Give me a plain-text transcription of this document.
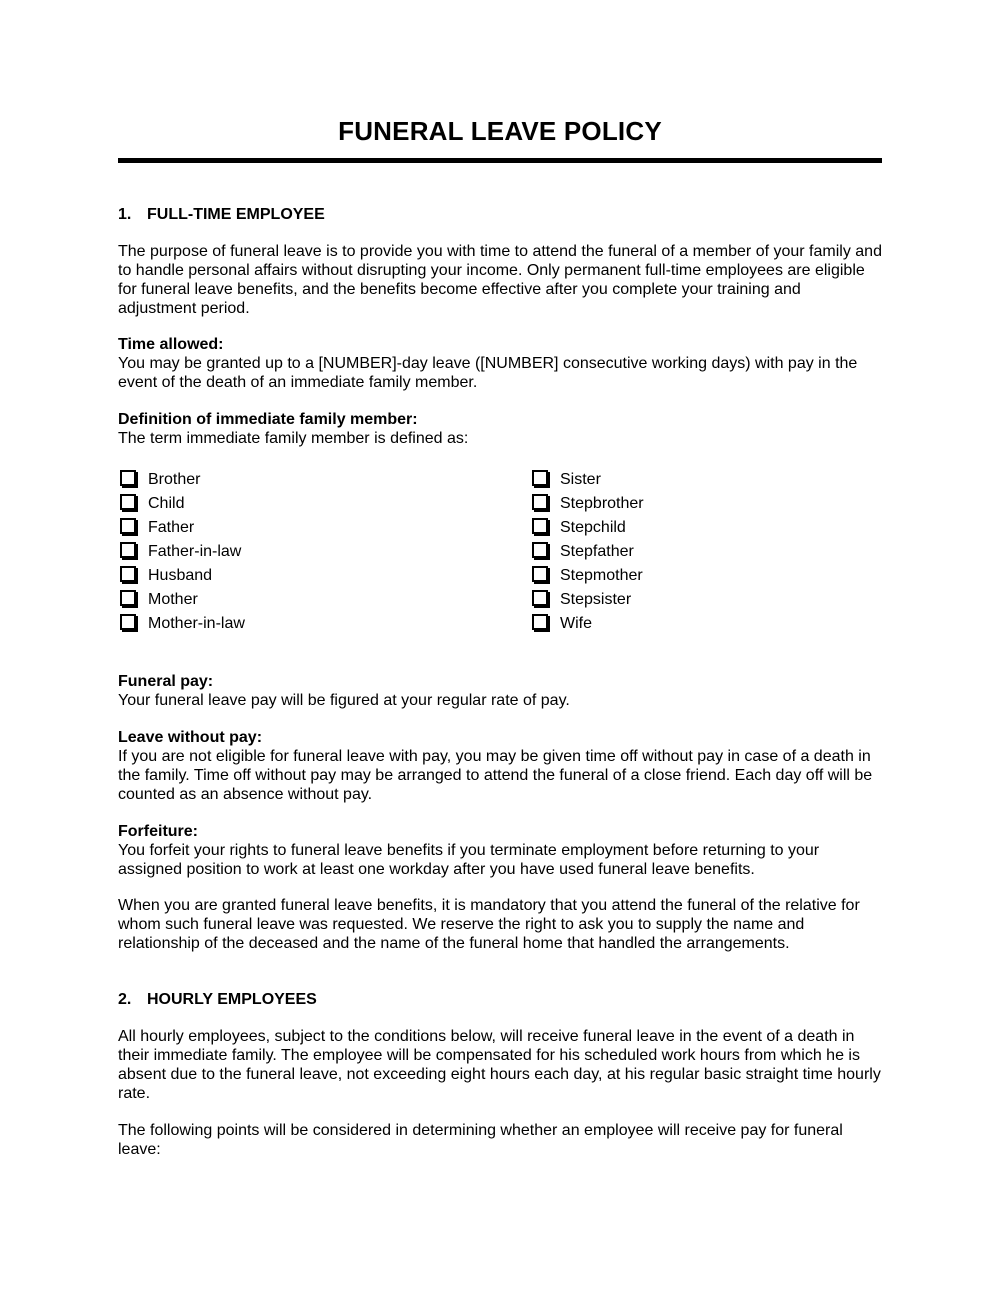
FUNERAL LEAVE POLICY
1. FULL-TIME EMPLOYEE
The purpose of funeral leave is to provide you with time to attend the funeral of a member of your family and to handle personal affairs without disrupting your income. Only permanent full-time employees are eligible for funeral leave benefits, and the benefits become effective after you complete your training and adjustment period.
Time allowed:
You may be granted up to a [NUMBER]-day leave ([NUMBER] consecutive working days) with pay in the event of the death of an immediate family member.
Definition of immediate family member:
The term immediate family member is defined as:
Brother
Child
Father
Father-in-law
Husband
Mother
Mother-in-law
Sister
Stepbrother
Stepchild
Stepfather
Stepmother
Stepsister
Wife
Funeral pay:
Your funeral leave pay will be figured at your regular rate of pay.
Leave without pay:
If you are not eligible for funeral leave with pay, you may be given time off without pay in case of a death in the family. Time off without pay may be arranged to attend the funeral of a close friend. Each day off will be counted as an absence without pay.
Forfeiture:
You forfeit your rights to funeral leave benefits if you terminate employment before returning to your assigned position to work at least one workday after you have used funeral leave benefits.
When you are granted funeral leave benefits, it is mandatory that you attend the funeral of the relative for whom such funeral leave was requested. We reserve the right to ask you to supply the name and relationship of the deceased and the name of the funeral home that handled the arrangements.
2. HOURLY EMPLOYEES
All hourly employees, subject to the conditions below, will receive funeral leave in the event of a death in their immediate family. The employee will be compensated for his scheduled work hours from which he is absent due to the funeral leave, not exceeding eight hours each day, at his regular basic straight time hourly rate.
The following points will be considered in determining whether an employee will receive pay for funeral leave:
